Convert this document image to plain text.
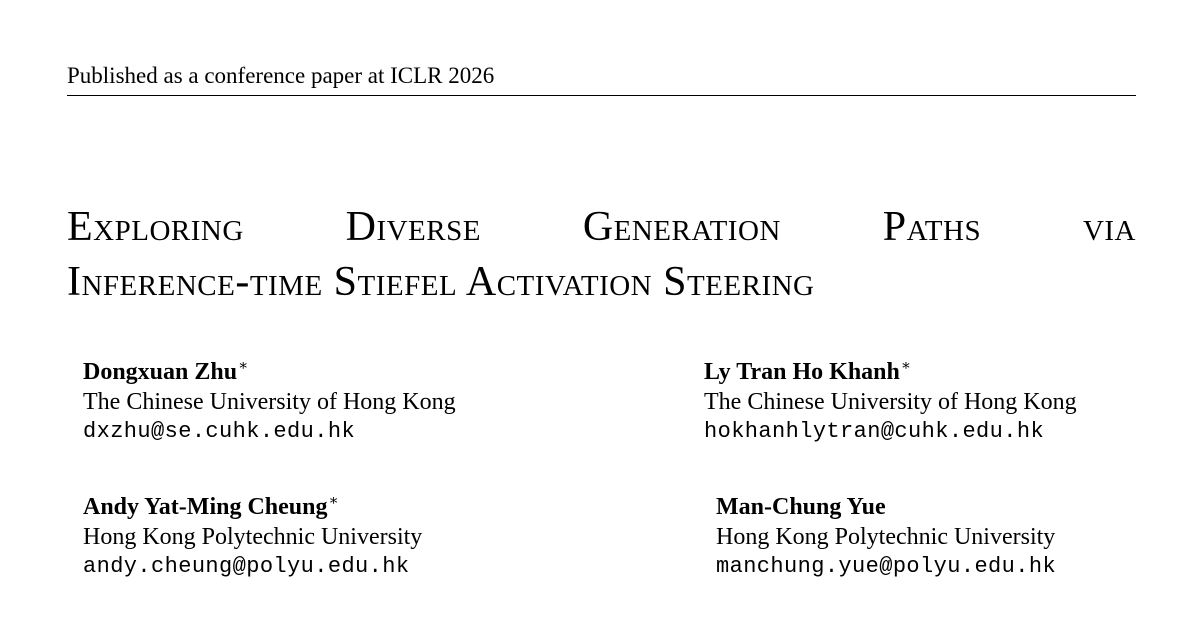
Published as a conference paper at ICLR 2026
Exploring Diverse Generation Paths via
Inference-time Stiefel Activation Steering
Dongxuan Zhu∗
The Chinese University of Hong Kong
dxzhu@se.cuhk.edu.hk
Ly Tran Ho Khanh∗
The Chinese University of Hong Kong
hokhanhlytran@cuhk.edu.hk
Andy Yat-Ming Cheung∗
Hong Kong Polytechnic University
andy.cheung@polyu.edu.hk
Man-Chung Yue
Hong Kong Polytechnic University
manchung.yue@polyu.edu.hk
